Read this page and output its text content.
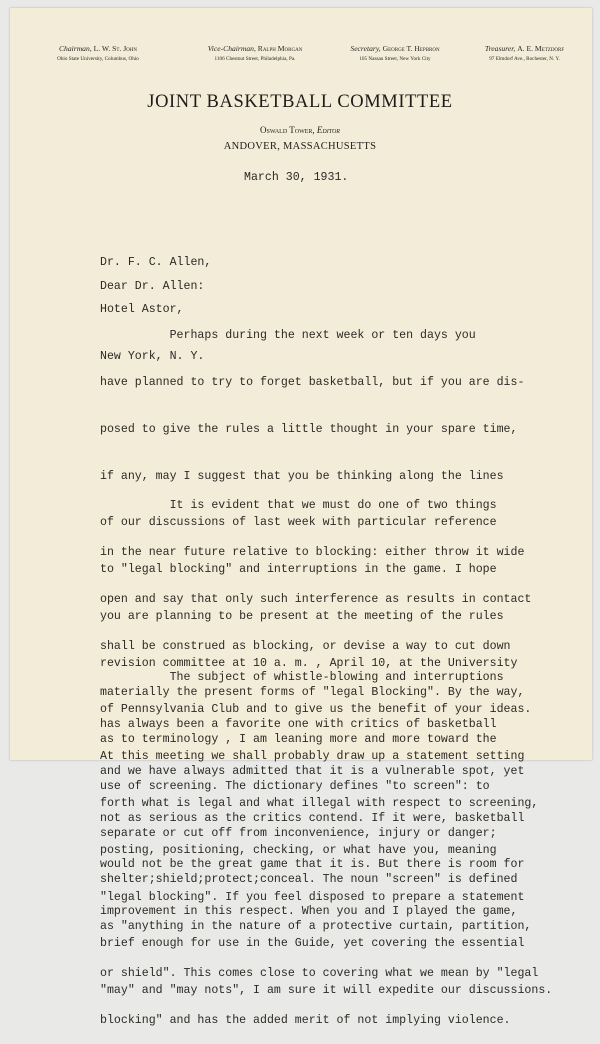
Chairman, L. W. St. John
Ohio State University, Columbus, Ohio
Vice-Chairman, Ralph Morgan
1106 Chestnut Street, Philadelphia, Pa.
Secretary, George T. Hepbron
105 Nassau Street, New York City
Treasurer, A. E. Metzdorf
97 Elmdorf Ave., Rochester, N. Y.
JOINT BASKETBALL COMMITTEE
Oswald Tower, Editor
ANDOVER, MASSACHUSETTS
March 30, 1931.

Dr. F. C. Allen,

Hotel Astor,

New York, N. Y.

Dear Dr. Allen:

Perhaps during the next week or ten days you

have planned to try to forget basketball, but if you are dis-

posed to give the rules a little thought in your spare time,

if any, may I suggest that you be thinking along the lines

of our discussions of last week with particular reference

to "legal blocking" and interruptions in the game. I hope

you are planning to be present at the meeting of the rules

revision committee at 10 a. m. , April 10, at the University

of Pennsylvania Club and to give us the benefit of your ideas.

At this meeting we shall probably draw up a statement setting

forth what is legal and what illegal with respect to screening,

posting, positioning, checking, or what have you, meaning

"legal blocking". If you feel disposed to prepare a statement

brief enough for use in the Guide, yet covering the essential

"may" and "may nots", I am sure it will expedite our discussions.

It is evident that we must do one of two things

in the near future relative to blocking: either throw it wide

open and say that only such interference as results in contact

shall be construed as blocking, or devise a way to cut down

materially the present forms of "legal Blocking". By the way,

as to terminology , I am leaning more and more toward the

use of screening. The dictionary defines "to screen": to

separate or cut off from inconvenience, injury or danger;

shelter;shield;protect;conceal. The noun "screen" is defined

as "anything in the nature of a protective curtain, partition,

or shield". This comes close to covering what we mean by "legal

blocking" and has the added merit of not implying violence.

The subject of whistle-blowing and interruptions

has always been a favorite one with critics of basketball

and we have always admitted that it is a vulnerable spot, yet

not as serious as the critics contend. If it were, basketball

would not be the great game that it is. But there is room for

improvement in this respect. When you and I played the game,
